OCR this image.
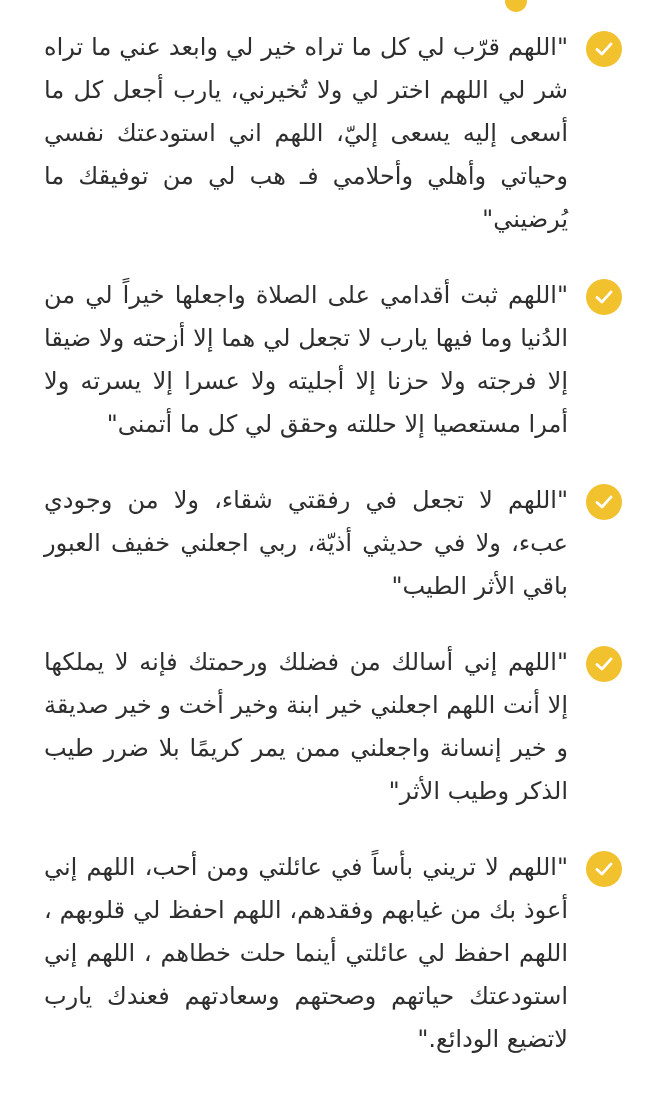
"اللهم قرّب لي كل ما تراه خير لي وابعد عني ما تراه شر لي اللهم اختر لي ولا تُخيرني، يارب أجعل كل ما أسعى إليه يسعى إليّ، اللهم اني استودعتك نفسي وحياتي وأهلي وأحلامي فـ هب لي من توفيقك ما يُرضيني"

"اللهم ثبت أقدامي على الصلاة واجعلها خيراً لي من الدُنيا وما فيها يارب لا تجعل لي هما إلا أزحته ولا ضيقا إلا فرجته ولا حزنا إلا أجليته ولا عسرا إلا يسرته ولا أمرا مستعصيا إلا حللته وحقق لي كل ما أتمنى"

"اللهم لا تجعل في رفقتي شقاء، ولا من وجودي عبء، ولا في حديثي أذيّة، ربي اجعلني خفيف العبور باقي الأثر الطيب"

"اللهم إني أسالك من فضلك ورحمتك فإنه لا يملكها إلا أنت اللهم اجعلني خير ابنة وخير أخت و خير صديقة و خير إنسانة واجعلني ممن يمر كريمًا بلا ضرر طيب الذكر وطيب الأثر"

"اللهم لا تريني بأساً في عائلتي ومن أحب، اللهم إني أعوذ بك من غيابهم وفقدهم، اللهم احفظ لي قلوبهم ، اللهم احفظ لي عائلتي أينما حلت خطاهم ، اللهم إني استودعتك حياتهم وصحتهم وسعادتهم فعندك يارب لاتضيع الودائع."
